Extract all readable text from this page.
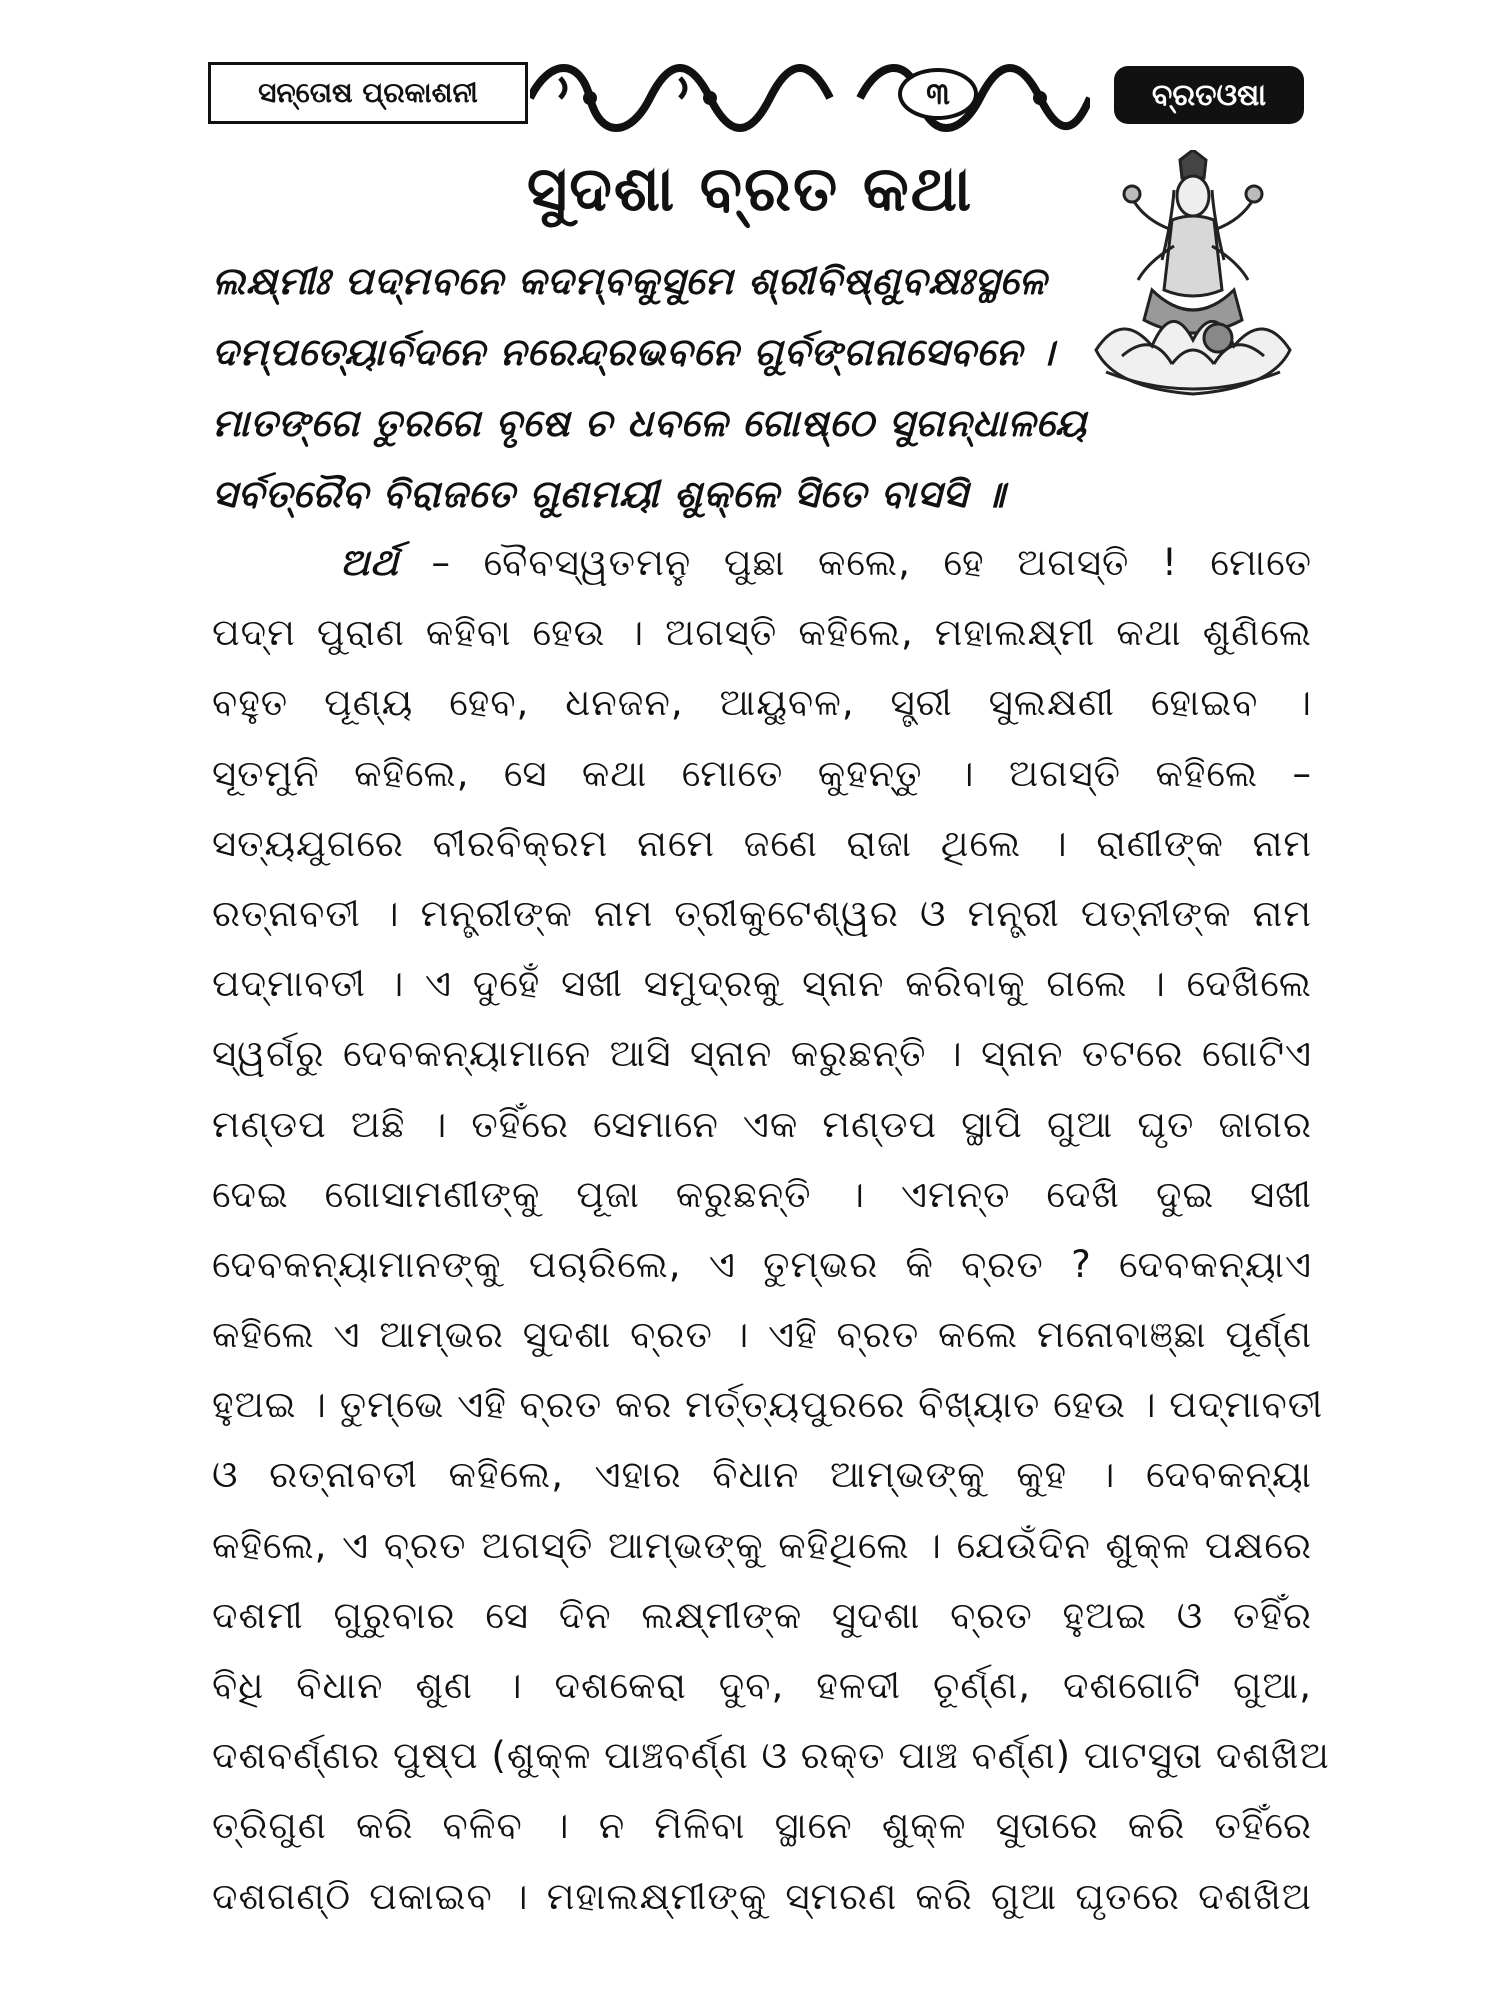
ସନ୍ତୋଷ ପ୍ରକାଶନୀ	୩	ବ୍ରତଓଷା
ସୁଦଶା ବ୍ରତ କଥା
ଲକ୍ଷ୍ମୀଃ ପଦ୍ମବନେ କଦମ୍ବକୁସୁମେ ଶ୍ରୀବିଷ୍ଣୁବକ୍ଷଃସ୍ଥଳେ
ଦମ୍ପତ୍ୟୋର୍ବଦନେ ନରେନ୍ଦ୍ରଭବନେ ଗୁର୍ବଙ୍ଗନାସେବନେ ।
ମାତଙ୍ଗେ ତୁରଗେ ବୃଷେ ଚ ଧବଳେ ଗୋଷ୍ଠେ ସୁଗନ୍ଧାଳୟେ
ସର୍ବତ୍ରୈବ ବିରାଜତେ ଗୁଣମୟୀ ଶୁକ୍ଳେ ସିତେ ବାସସି ॥
ଅର୍ଥ – ବୈବସ୍ୱତମନୁ ପୁଛା କଲେ, ହେ ଅଗସ୍ତି ! ମୋତେ
ପଦ୍ମ ପୁରାଣ କହିବା ହେଉ । ଅଗସ୍ତି କହିଲେ, ମହାଲକ୍ଷ୍ମୀ କଥା ଶୁଣିଲେ
ବହୁତ ପୂଣ୍ୟ ହେବ, ଧନଜନ, ଆୟୁବଳ, ସ୍ତ୍ରୀ ସୁଲକ୍ଷଣୀ ହୋଇବ ।
ସୂତମୁନି କହିଲେ, ସେ କଥା ମୋତେ କୁହନ୍ତୁ । ଅଗସ୍ତି କହିଲେ –
ସତ୍ୟଯୁଗରେ ବୀରବିକ୍ରମ ନାମେ ଜଣେ ରାଜା ଥିଲେ । ରାଣୀଙ୍କ ନାମ
ରତ୍ନାବତୀ । ମନ୍ତ୍ରୀଙ୍କ ନାମ ତ୍ରୀକୁଟେଶ୍ୱର ଓ ମନ୍ତ୍ରୀ ପତ୍ନୀଙ୍କ ନାମ
ପଦ୍ମାବତୀ । ଏ ଦୁହେଁ ସଖୀ ସମୁଦ୍ରକୁ ସ୍ନାନ କରିବାକୁ ଗଲେ । ଦେଖିଲେ
ସ୍ୱର୍ଗରୁ ଦେବକନ୍ୟାମାନେ ଆସି ସ୍ନାନ କରୁଛନ୍ତି । ସ୍ନାନ ତଟରେ ଗୋଟିଏ
ମଣ୍ଡପ ଅଛି । ତହିଁରେ ସେମାନେ ଏକ ମଣ୍ଡପ ସ୍ଥାପି ଗୁଆ ଘୃତ ଜାଗର
ଦେଇ ଗୋସାମଣୀଙ୍କୁ ପୂଜା କରୁଛନ୍ତି । ଏମନ୍ତ ଦେଖି ଦୁଇ ସଖୀ
ଦେବକନ୍ୟାମାନଙ୍କୁ ପଚାରିଲେ, ଏ ତୁମ୍ଭର କି ବ୍ରତ ? ଦେବକନ୍ୟାଏ
କହିଲେ ଏ ଆମ୍ଭର ସୁଦଶା ବ୍ରତ । ଏହି ବ୍ରତ କଲେ ମନୋବାଞ୍ଛା ପୂର୍ଣ୍ଣ
ହୁଅଇ । ତୁମ୍ଭେ ଏହି ବ୍ରତ କର ମର୍ତ୍ତ୍ୟପୁରରେ ବିଖ୍ୟାତ ହେଉ । ପଦ୍ମାବତୀ
ଓ ରତ୍ନାବତୀ କହିଲେ, ଏହାର ବିଧାନ ଆମ୍ଭଙ୍କୁ କୁହ । ଦେବକନ୍ୟା
କହିଲେ, ଏ ବ୍ରତ ଅଗସ୍ତି ଆମ୍ଭଙ୍କୁ କହିଥିଲେ । ଯେଉଁଦିନ ଶୁକ୍ଳ ପକ୍ଷରେ
ଦଶମୀ ଗୁରୁବାର ସେ ଦିନ ଲକ୍ଷ୍ମୀଙ୍କ ସୁଦଶା ବ୍ରତ ହୁଅଇ ଓ ତହିଁର
ବିଧି ବିଧାନ ଶୁଣ । ଦଶକେରା ଦୁବ, ହଳଦୀ ଚୂର୍ଣ୍ଣ, ଦଶଗୋଟି ଗୁଆ,
ଦଶବର୍ଣ୍ଣର ପୁଷ୍ପ (ଶୁକ୍ଳ ପାଞ୍ଚବର୍ଣ୍ଣ ଓ ରକ୍ତ ପାଞ୍ଚ ବର୍ଣ୍ଣ) ପାଟସୁତା ଦଶଖିଅ
ତ୍ରିଗୁଣ କରି ବଳିବ । ନ ମିଳିବା ସ୍ଥାନେ ଶୁକ୍ଳ ସୁତାରେ କରି ତହିଁରେ
ଦଶଗଣ୍ଠି ପକାଇବ । ମହାଲକ୍ଷ୍ମୀଙ୍କୁ ସ୍ମରଣ କରି ଗୁଆ ଘୃତରେ ଦଶଖିଅ
